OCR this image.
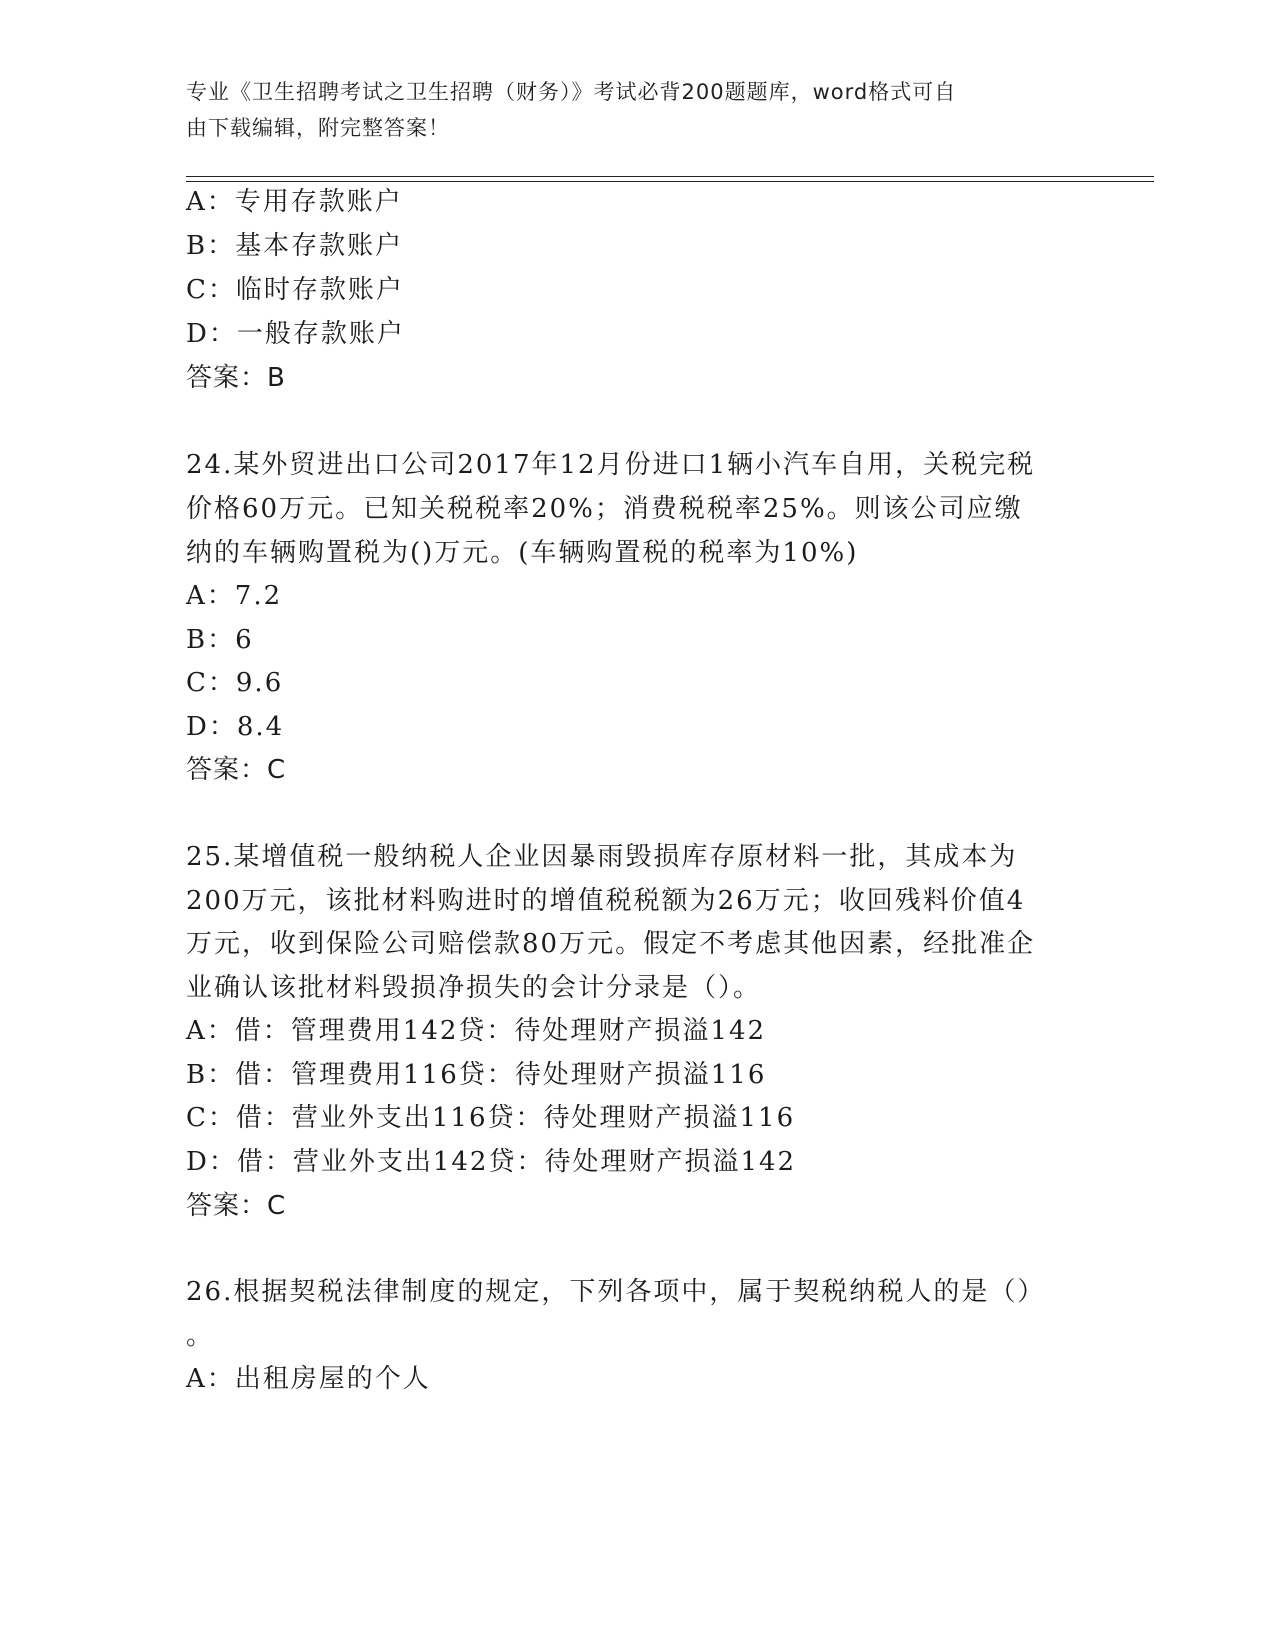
专业《卫生招聘考试之卫生招聘（财务）》考试必背200题题库，word格式可自
由下载编辑，附完整答案！
A：专用存款账户
B：基本存款账户
C：临时存款账户
D：一般存款账户
答案：B
24.某外贸进出口公司2017年12月份进口1辆小汽车自用，关税完税
价格60万元。已知关税税率20%；消费税税率25%。则该公司应缴
纳的车辆购置税为()万元。(车辆购置税的税率为10%)
A：7.2
B：6
C：9.6
D：8.4
答案：C
25.某增值税一般纳税人企业因暴雨毁损库存原材料一批，其成本为
200万元，该批材料购进时的增值税税额为26万元；收回残料价值4
万元，收到保险公司赔偿款80万元。假定不考虑其他因素，经批准企
业确认该批材料毁损净损失的会计分录是（）。
A：借：管理费用142贷：待处理财产损溢142
B：借：管理费用116贷：待处理财产损溢116
C：借：营业外支出116贷：待处理财产损溢116
D：借：营业外支出142贷：待处理财产损溢142
答案：C
26.根据契税法律制度的规定，下列各项中，属于契税纳税人的是（）
。
A：出租房屋的个人
